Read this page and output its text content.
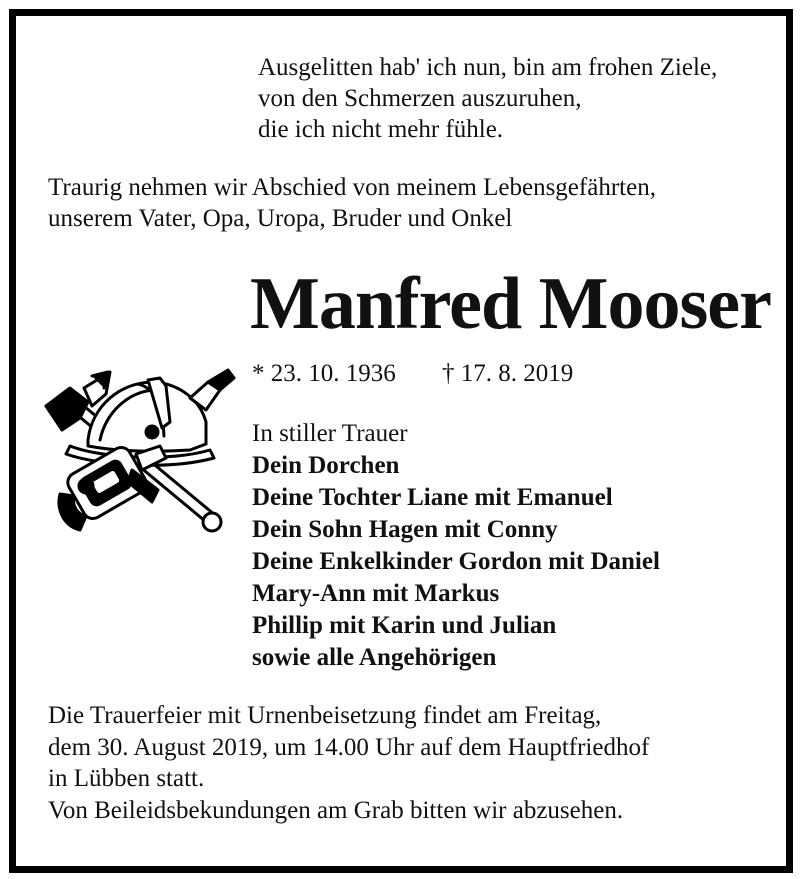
Ausgelitten hab' ich nun, bin am frohen Ziele,
von den Schmerzen auszuruhen,
die ich nicht mehr fühle.
Traurig nehmen wir Abschied von meinem Lebensgefährten,
unserem Vater, Opa, Uropa, Bruder und Onkel
Manfred Mooser
* 23. 10. 1936 † 17. 8. 2019
In stiller Trauer
Dein Dorchen
Deine Tochter Liane mit Emanuel
Dein Sohn Hagen mit Conny
Deine Enkelkinder Gordon mit Daniel
Mary-Ann mit Markus
Phillip mit Karin und Julian
sowie alle Angehörigen
Die Trauerfeier mit Urnenbeisetzung findet am Freitag,
dem 30. August 2019, um 14.00 Uhr auf dem Hauptfriedhof
in Lübben statt.
Von Beileidsbekundungen am Grab bitten wir abzusehen.
